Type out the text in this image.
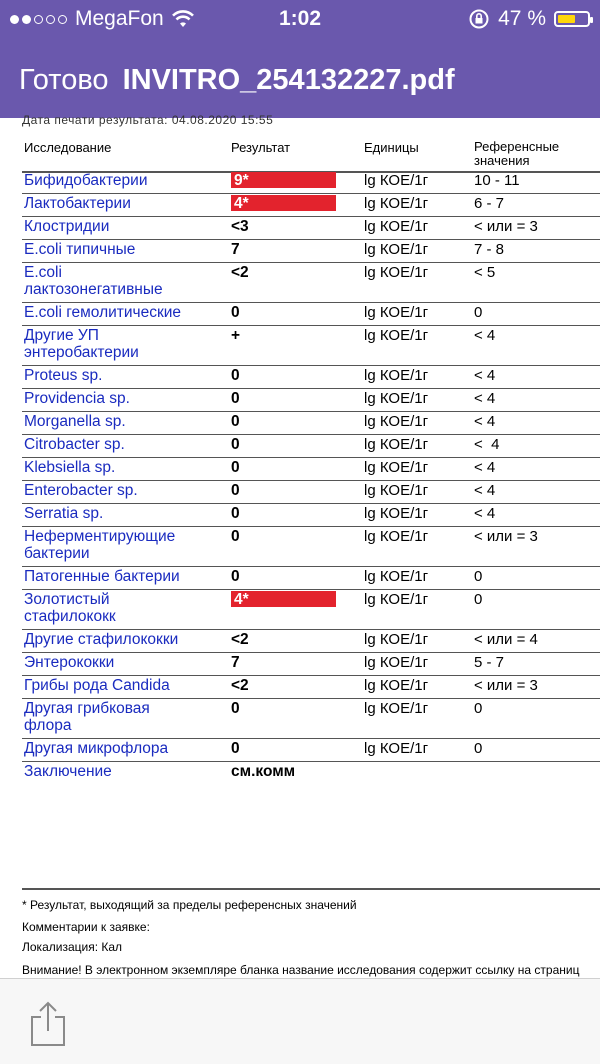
MegaFon	1:02	47 %
Готово INVITRO_254132227.pdf
Дата печати результата: 04.08.2020 15:55
Исследование	Результат	Единицы	Референсные
значения
Бифидобактерии	9*	lg КОЕ/1г	10 - 11
Лактобактерии	4*	lg КОЕ/1г	6 - 7
Клостридии	<3	lg КОЕ/1г	< или = 3
E.coli типичные	7	lg КОЕ/1г	7 - 8
E.coli
лактозонегативные
<2	lg КОЕ/1г	< 5
E.coli гемолитические	0	lg КОЕ/1г	0
Другие УП
энтеробактерии
+	lg КОЕ/1г	< 4
Proteus sp.	0	lg КОЕ/1г	< 4
Providencia sp.	0	lg КОЕ/1г	< 4
Morganella sp.	0	lg КОЕ/1г	< 4
Citrobacter sp.	0	lg КОЕ/1г	<  4
Klebsiella sp.	0	lg КОЕ/1г	< 4
Enterobacter sp.	0	lg КОЕ/1г	< 4
Serratia sp.	0	lg КОЕ/1г	< 4
Неферментирующие
бактерии
0	lg КОЕ/1г	< или = 3
Патогенные бактерии	0	lg КОЕ/1г	0
Золотистый
стафилококк
4*	lg КОЕ/1г	0
Другие стафилококки	<2	lg КОЕ/1г	< или = 4
Энтерококки	7	lg КОЕ/1г	5 - 7
Грибы рода Candida	<2	lg КОЕ/1г	< или = 3
Другая грибковая
флора
0	lg КОЕ/1г	0
Другая микрофлора	0	lg КОЕ/1г	0
Заключение	см.комм
* Результат, выходящий за пределы референсных значений
Комментарии к заявке:
Локализация: Кал
Внимание! В электронном экземпляре бланка название исследования содержит ссылку на страниц
